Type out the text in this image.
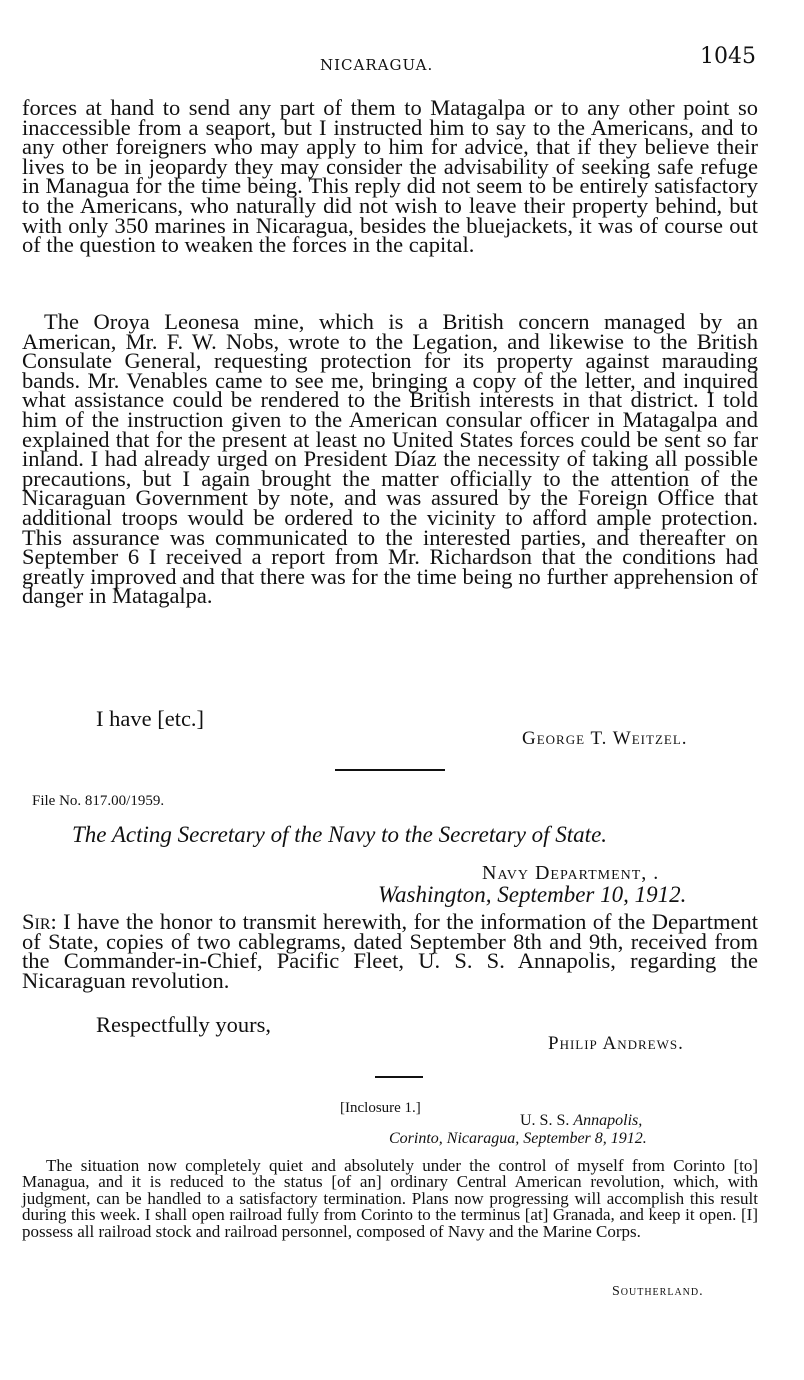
NICARAGUA.	1045

forces at hand to send any part of them to Matagalpa or to any other point so inaccessible from a seaport, but I instructed him to say to the Americans, and to any other foreigners who may apply to him for advice, that if they believe their lives to be in jeopardy they may consider the advisability of seeking safe refuge in Managua for the time being. This reply did not seem to be entirely satisfactory to the Americans, who naturally did not wish to leave their property behind, but with only 350 marines in Nicaragua, besides the bluejackets, it was of course out of the question to weaken the forces in the capital.

The Oroya Leonesa mine, which is a British concern managed by an American, Mr. F. W. Nobs, wrote to the Legation, and likewise to the British Consulate General, requesting protection for its property against marauding bands. Mr. Venables came to see me, bringing a copy of the letter, and inquired what assistance could be rendered to the British interests in that district. I told him of the instruction given to the American consular officer in Matagalpa and explained that for the present at least no United States forces could be sent so far inland. I had already urged on President Díaz the necessity of taking all possible precautions, but I again brought the matter officially to the attention of the Nicaraguan Government by note, and was assured by the Foreign Office that additional troops would be ordered to the vicinity to afford ample protection. This assurance was communicated to the interested parties, and thereafter on September 6 I received a report from Mr. Richardson that the conditions had greatly improved and that there was for the time being no further apprehension of danger in Matagalpa.

I have [etc.]
George T. Weitzel.
File No. 817.00/1959.
The Acting Secretary of the Navy to the Secretary of State.
Navy Department, .
Washington, September 10, 1912.

Sir: I have the honor to transmit herewith, for the information of the Department of State, copies of two cablegrams, dated September 8th and 9th, received from the Commander-in-Chief, Pacific Fleet, U. S. S. Annapolis, regarding the Nicaraguan revolution.

Respectfully yours,
Philip Andrews.
[Inclosure 1.]
U. S. S. Annapolis,
Corinto, Nicaragua, September 8, 1912.

The situation now completely quiet and absolutely under the control of myself from Corinto [to] Managua, and it is reduced to the status [of an] ordinary Central American revolution, which, with judgment, can be handled to a satisfactory termination. Plans now progressing will accomplish this result during this week. I shall open railroad fully from Corinto to the terminus [at] Granada, and keep it open. [I] possess all railroad stock and railroad personnel, composed of Navy and the Marine Corps.

Southerland.
